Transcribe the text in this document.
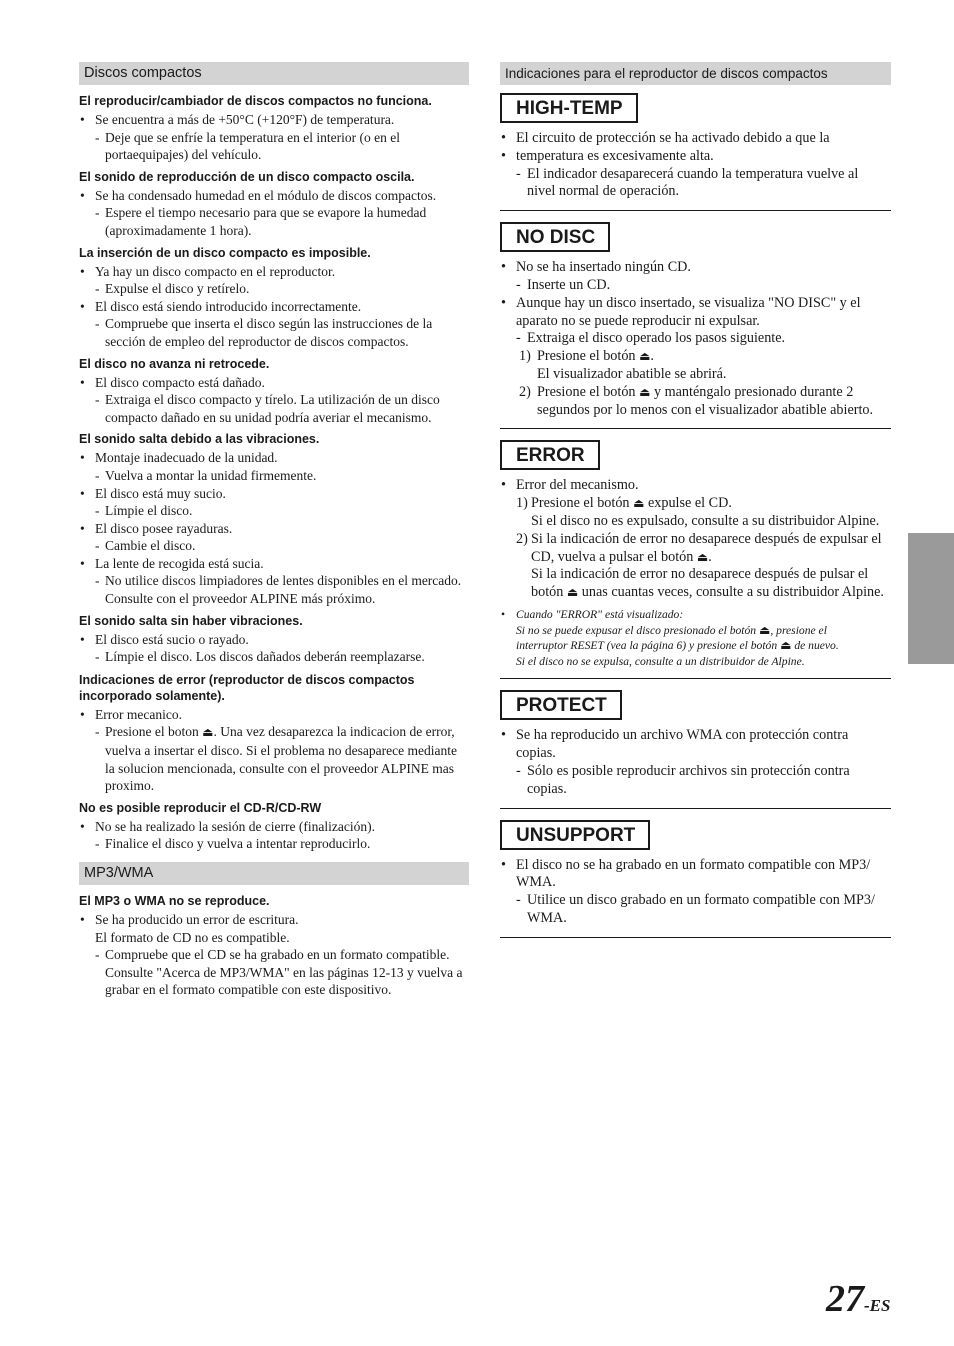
Discos compactos
El reproducir/cambiador de discos compactos no funciona.
• Se encuentra a más de +50°C (+120°F) de temperatura.
- Deje que se enfríe la temperatura en el interior (o en el
portaequipajes) del vehículo.
El sonido de reproducción de un disco compacto oscila.
• Se ha condensado humedad en el módulo de discos compactos.
- Espere el tiempo necesario para que se evapore la humedad
(aproximadamente 1 hora).
La inserción de un disco compacto es imposible.
• Ya hay un disco compacto en el reproductor.
- Expulse el disco y retírelo.
• El disco está siendo introducido incorrectamente.
- Compruebe que inserta el disco según las instrucciones de la
sección de empleo del reproductor de discos compactos.
El disco no avanza ni retrocede.
• El disco compacto está dañado.
- Extraiga el disco compacto y tírelo. La utilización de un disco
compacto dañado en su unidad podría averiar el mecanismo.
El sonido salta debido a las vibraciones.
• Montaje inadecuado de la unidad.
- Vuelva a montar la unidad firmemente.
• El disco está muy sucio.
- Límpie el disco.
• El disco posee rayaduras.
- Cambie el disco.
• La lente de recogida está sucia.
- No utilice discos limpiadores de lentes disponibles en el mercado.
Consulte con el proveedor ALPINE más próximo.
El sonido salta sin haber vibraciones.
• El disco está sucio o rayado.
- Límpie el disco. Los discos dañados deberán reemplazarse.
Indicaciones de error (reproductor de discos compactos
incorporado solamente).
• Error mecanico.
- Presione el boton ⏏. Una vez desaparezca la indicacion de error,
vuelva a insertar el disco. Si el problema no desaparece mediante
la solucion mencionada, consulte con el proveedor ALPINE mas
proximo.
No es posible reproducir el CD-R/CD-RW
• No se ha realizado la sesión de cierre (finalización).
- Finalice el disco y vuelva a intentar reproducirlo.
MP3/WMA
El MP3 o WMA no se reproduce.
• Se ha producido un error de escritura.
El formato de CD no es compatible.
- Compruebe que el CD se ha grabado en un formato compatible.
Consulte "Acerca de MP3/WMA" en las páginas 12-13 y vuelva a
grabar en el formato compatible con este dispositivo.
Indicaciones para el reproductor de discos compactos
HIGH-TEMP
• El circuito de protección se ha activado debido a que la
• temperatura es excesivamente alta.
- El indicador desaparecerá cuando la temperatura vuelve al
nivel normal de operación.
NO DISC
• No se ha insertado ningún CD.
- Inserte un CD.
• Aunque hay un disco insertado, se visualiza "NO DISC" y el
aparato no se puede reproducir ni expulsar.
- Extraiga el disco operado los pasos siguiente.
1) Presione el botón ⏏.
El visualizador abatible se abrirá.
2) Presione el botón ⏏ y manténgalo presionado durante 2
segundos por lo menos con el visualizador abatible abierto.
ERROR
• Error del mecanismo.
1) Presione el botón ⏏ expulse el CD.
Si el disco no es expulsado, consulte a su distribuidor Alpine.
2) Si la indicación de error no desaparece después de expulsar el
CD, vuelva a pulsar el botón ⏏.
Si la indicación de error no desaparece después de pulsar el
botón ⏏ unas cuantas veces, consulte a su distribuidor Alpine.
• Cuando "ERROR" está visualizado:
Si no se puede expusar el disco presionado el botón ⏏, presione el
interruptor RESET (vea la página 6) y presione el botón ⏏ de nuevo.
Si el disco no se expulsa, consulte a un distribuidor de Alpine.
PROTECT
• Se ha reproducido un archivo WMA con protección contra
copias.
- Sólo es posible reproducir archivos sin protección contra
copias.
UNSUPPORT
• El disco no se ha grabado en un formato compatible con MP3/
WMA.
- Utilice un disco grabado en un formato compatible con MP3/
WMA.
27-ES
